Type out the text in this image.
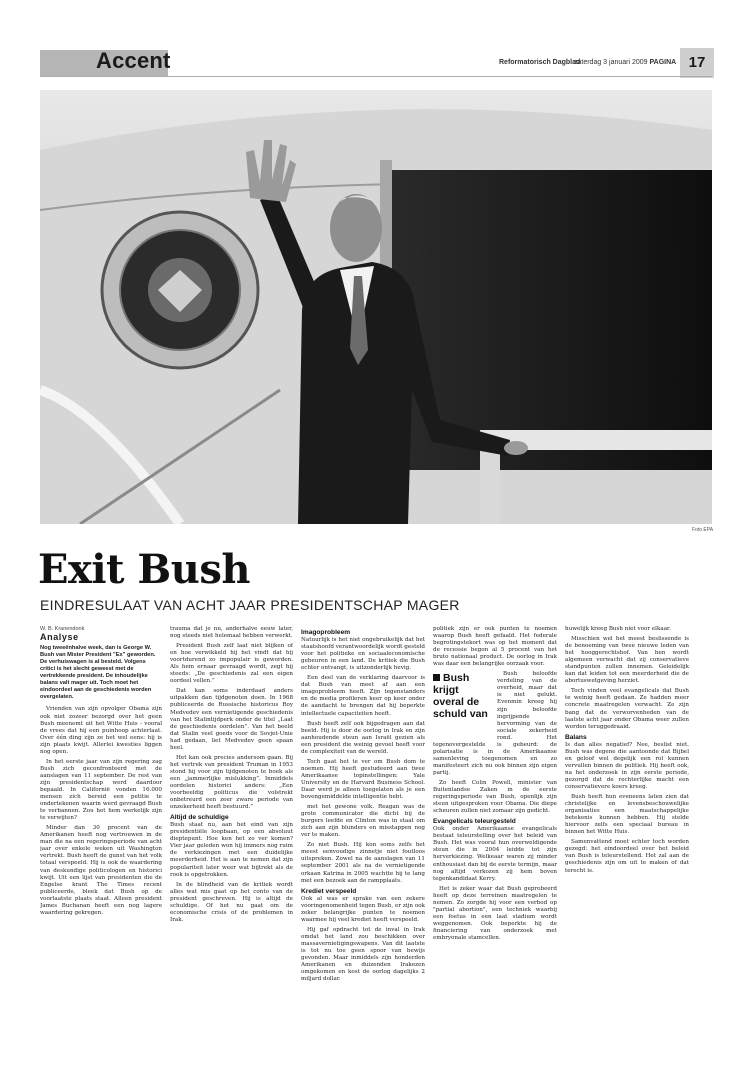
Accent	Reformatorisch Dagblad
zaterdag 3 januari 2009 PAGINA 17
Foto EPA
Exit Bush
EINDRESULAAT VAN ACHT JAAR PRESIDENTSCHAP MAGER
W. B. Kranendonk
Analyse
Nog tweeënhalve week, dan is George W. Bush van Mister President "Ex" geworden. De verhuiswagen is al besteld. Volgens critici is het slecht geweest met de vertrekkende president. De inhoudelijke balans valt mager uit. Toch moet het eindoordeel aan de geschiedenis worden overgelaten.

Vrienden van zijn opvolger Obama zijn ook niet zozeer bezorgd over het geen Bush meenemt uit het Witte Huis - vooral de vrees dat hij een puinhoop achterlaat. Over één ding zijn ze het wel eens: hij is zijn plaats kwijt. Allerlei kwesties liggen nog open.

In het eerste jaar van zijn regering zag Bush zich geconfronteerd met de aanslagen van 11 september. De rest van zijn presidentschap werd daardoor bepaald. In Californië vonden 16.000 mensen zich bereid een petitie te ondertekenen waarin werd gevraagd Bush te verbannen. Zou het hem werkelijk zijn te verwijten?

Minder dan 30 procent van de Amerikanen heeft nog vertrouwen in de man die na een regeringsperiode van acht jaar over enkele weken uit Washington vertrekt. Bush heeft de gunst van het volk totaal verspeeld. Hij is ook de waardering van deskundige politicologen en historici kwijt. Uit een lijst van presidenten die de Engelse krant The Times recent publiceerde, bleek dat Bush op de voorlaatste plaats staat. Alleen president James Buchanan heeft een nog lagere waardering gekregen.

trauma dat je nu, anderhalve eeuw later, nog steeds niet helemaal hebben verwerkt.

President Bush zelf laat niet blijken of en hoe verwikkeld hij het vindt dat hij voortdurend zo impopulair is geworden. Als hem ernaar gevraagd wordt, zegt hij steeds: „De geschiedenis zal een eigen oordeel vellen.”

Dat kan soms inderdaad anders uitpakken dan tijdgenoten doen. In 1968 publiceerde de Russische historicus Roy Medvedev een vernietigende geschiedenis van het Stalintijdperk onder de titel „Laat de geschiedenis oordelen”. Van het beeld dat Stalin veel goeds voor de Sovjet-Unie had gedaan, liet Medvedev geen spaan heel.

Het kan ook precies andersom gaan. Bij het vertrek van president Truman in 1953 stond hij voor zijn tijdgenoten te boek als een „jammerlijke mislukking”. Inmiddels oordelen historici anders: „Een voorbeeldig politicus die volstrekt onbetreurd een zeer zware periode van onzekerheid heeft bestuurd.”

Altijd de schuldige

Bush staat nu, aan het eind van zijn presidentiële loopbaan, op een absoluut dieptepunt. Hoe ken het zo ver komen? Vier jaar geleden won hij immers nog ruim de verkiezingen met een duidelijke meerderheid. Het is aan te nemen dat zijn populariteit later weer wat bijtrekt als de rook is opgetrokken.

In de blindheid van de kritiek wordt alles wat mis gaat op het conto van de president geschreven. Hij is altijd de schuldige. Of het nu gaat om de economische crisis of de problemen in Irak.

Imagoprobleem

Natuurlijk is het niet ongebruikelijk dat het staatshoofd verantwoordelijk wordt gesteld voor het politieke en sociaaleconomische gebeuren in een land. De kritiek die Bush echter ontvangt, is uitzonderlijk hevig.

Een deel van de verklaring daarvoor is dat Bush van meet af aan een imagoprobleem heeft. Zijn tegenstanders en de media profileren keer op keer onder de aandacht te brengen dat hij beperkte intellectuele capaciteiten heeft.

Bush heeft zelf ook bijgedragen aan dat beeld. Hij is door de oorlog in Irak en zijn aanhoudende steun aan Israël gezien als een president die weinig gevoel heeft voor de complexiteit van de wereld.

Toch gaat het te ver om Bush dom te noemen. Hij heeft gestudeerd aan twee Amerikaanse topinstellingen: Yale University en de Harvard Business School. Daar werd je alleen toegelaten als je een bovengemiddelde intelligentie hebt.

met het gewone volk. Reagan was de grote communicator die dicht bij de burgers leefde en Clinton was in staat om zich aan zijn blunders en misstappen nog ver te maken.

Zo niet Bush. Hij kon soms zelfs het meest eenvoudige zinnetje niet foutloos uitspreken. Zowel na de aanslagen van 11 september 2001 als na de vernietigende orkaan Katrina in 2005 wachtte hij te lang met een bezoek aan de rampplaats.

Krediet verspeeld

Ook al was er sprake van een zekere vooringenomenheid tegen Bush, er zijn ook zeker belangrijke punten te noemen waarmee hij veel krediet heeft verspeeld.

Hij gaf opdracht tot de inval in Irak omdat het land zou beschikken over massavernietigingswapens. Van dit laatste is tot nu toe geen spoor van bewijs gevonden. Maar inmiddels zijn honderden Amerikanen en duizenden Irakezen omgekomen en kost de oorlog dagelijks 2 miljard dollar.

politiek zijn er ook punten te noemen waarop Bush heeft gefaald. Het federale begrotingstekort was op het moment dat de recessie begon al 5 procent van het bruto nationaal product. De oorlog in Irak was daar een belangrijke oorzaak voor.

Bush beloofde verdeling van de overheid, maar dat is niet gelukt. Evenmin kreeg hij zijn beloofde ingrijpende hervorming van de sociale zekerheid rond. Het tegenovergestelde is gebeurd: de polarisatie is in de Amerikaanse samenleving toegenomen en zo manifesteert zich nu ook binnen zijn eigen partij.

Zo heeft Colin Powell, minister van Buitenlandse Zaken in de eerste regeringsperiode van Bush, openlijk zijn steun uitgesproken voor Obama. Die diepe scheuren zullen niet zomaar zijn gedicht.

Evangelicals teleurgesteld

Ook onder Amerikaanse evangelicals bestaat teleurstelling over het beleid van Bush. Het was vooral hun overweldigende steun die in 2004 leidde tot zijn herverkiezing. Welkeaar waren zij minder enthousiast dan bij de eerste termijn, maar nog altijd verkozen zij hem boven tegenkandidaat Kerry.

Het is zeker waar dat Bush geprobeerd heeft op deze terreinen maatregelen te nemen. Zo zorgde hij voor een verbod op "partial abortion", een techniek waarbij een foetus in een laat stadium wordt weggenomen. Ook beperkte hij de financiering van onderzoek met embryonale stamcellen.

Bush krijgt overal de schuld van

huwelijk kreeg Bush niet voor elkaar.

Misschien wel het meest beslissende is de benoeming van twee nieuwe leden van het hooggerechtshof. Van hen wordt algemeen verwacht dat zij conservatieve standpunten zullen innemen. Geleidelijk kan dat leiden tot een meerderheid die de abortuswetgeving herziet.

Toch vinden veel evangelicals dat Bush te weinig heeft gedaan. Ze hadden meer concrete maatregelen verwacht. Ze zijn bang dat de verworvenheden van de laatste acht jaar onder Obama weer zullen worden teruggedraaid.

Balans

Is dan alles negatief? Nee, beslist niet. Bush was degene die aantoonde dat Bijbel en geloof wel degelijk een rol kunnen vervullen binnen de politiek. Hij heeft ook, na het onderzoek in zijn eerste periode, gezorgd dat de rechterlijke macht een conservatievere koers kreeg.

Bush heeft hun eveneens laten zien dat christelijke en levensbeschouwelijke organisaties een maatschappelijke betekenis kunnen hebben. Hij stelde hiervoor zelfs een speciaal bureau in binnen het Witte Huis.

Samenvattend moet echter toch worden gezegd: het eindoordeel over het beleid van Bush is teleurstellend. Het zal aan de geschiedenis zijn om uit te maken of dat terecht is.
